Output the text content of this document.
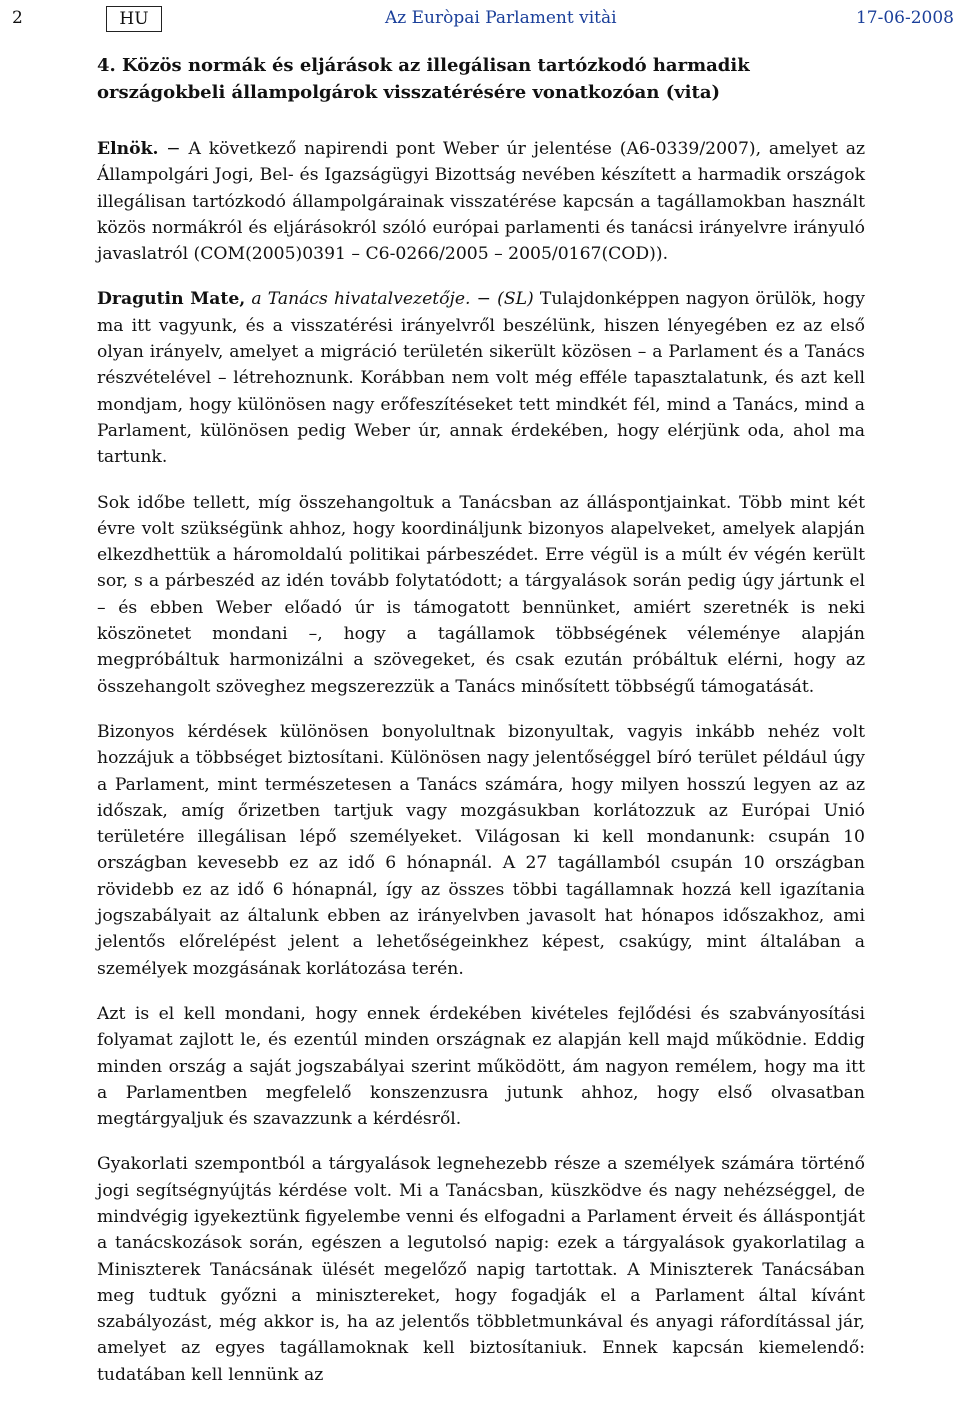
2	HU	Az Euròpai Parlament vitài	17-06-2008
4. Közös normák és eljárások az illegálisan tartózkodó harmadik országokbeli állampolgárok visszatérésére vonatkozóan (vita)

Elnök. − A következő napirendi pont Weber úr jelentése (A6-0339/2007), amelyet az Állampolgári Jogi, Bel- és Igazságügyi Bizottság nevében készített a harmadik országok illegálisan tartózkodó állampolgárainak visszatérése kapcsán a tagállamokban használt közös normákról és eljárásokról szóló európai parlamenti és tanácsi irányelvre irányuló javaslatról (COM(2005)0391 – C6-0266/2005 – 2005/0167(COD)).

Dragutin Mate, a Tanács hivatalvezetője. − (SL) Tulajdonképpen nagyon örülök, hogy ma itt vagyunk, és a visszatérési irányelvről beszélünk, hiszen lényegében ez az első olyan irányelv, amelyet a migráció területén sikerült közösen – a Parlament és a Tanács részvételével – létrehoznunk. Korábban nem volt még efféle tapasztalatunk, és azt kell mondjam, hogy különösen nagy erőfeszítéseket tett mindkét fél, mind a Tanács, mind a Parlament, különösen pedig Weber úr, annak érdekében, hogy elérjünk oda, ahol ma tartunk.

Sok időbe tellett, míg összehangoltuk a Tanácsban az álláspontjainkat. Több mint két évre volt szükségünk ahhoz, hogy koordináljunk bizonyos alapelveket, amelyek alapján elkezdhettük a háromoldalú politikai párbeszédet. Erre végül is a múlt év végén került sor, s a párbeszéd az idén tovább folytatódott; a tárgyalások során pedig úgy jártunk el – és ebben Weber előadó úr is támogatott bennünket, amiért szeretnék is neki köszönetet mondani –, hogy a tagállamok többségének véleménye alapján megpróbáltuk harmonizálni a szövegeket, és csak ezután próbáltuk elérni, hogy az összehangolt szöveghez megszerezzük a Tanács minősített többségű támogatását.

Bizonyos kérdések különösen bonyolultnak bizonyultak, vagyis inkább nehéz volt hozzájuk a többséget biztosítani. Különösen nagy jelentőséggel bíró terület például úgy a Parlament, mint természetesen a Tanács számára, hogy milyen hosszú legyen az az időszak, amíg őrizetben tartjuk vagy mozgásukban korlátozzuk az Európai Unió területére illegálisan lépő személyeket. Világosan ki kell mondanunk: csupán 10 országban kevesebb ez az idő 6 hónapnál. A 27 tagállamból csupán 10 országban rövidebb ez az idő 6 hónapnál, így az összes többi tagállamnak hozzá kell igazítania jogszabályait az általunk ebben az irányelvben javasolt hat hónapos időszakhoz, ami jelentős előrelépést jelent a lehetőségeinkhez képest, csakúgy, mint általában a személyek mozgásának korlátozása terén.

Azt is el kell mondani, hogy ennek érdekében kivételes fejlődési és szabványosítási folyamat zajlott le, és ezentúl minden országnak ez alapján kell majd működnie. Eddig minden ország a saját jogszabályai szerint működött, ám nagyon remélem, hogy ma itt a Parlamentben megfelelő konszenzusra jutunk ahhoz, hogy első olvasatban megtárgyaljuk és szavazzunk a kérdésről.

Gyakorlati szempontból a tárgyalások legnehezebb része a személyek számára történő jogi segítségnyújtás kérdése volt. Mi a Tanácsban, küszködve és nagy nehézséggel, de mindvégig igyekeztünk figyelembe venni és elfogadni a Parlament érveit és álláspontját a tanácskozások során, egészen a legutolsó napig: ezek a tárgyalások gyakorlatilag a Miniszterek Tanácsának ülését megelőző napig tartottak. A Miniszterek Tanácsában meg tudtuk győzni a minisztereket, hogy fogadják el a Parlament által kívánt szabályozást, még akkor is, ha az jelentős többletmunkával és anyagi ráfordítással jár, amelyet az egyes tagállamoknak kell biztosítaniuk. Ennek kapcsán kiemelendő: tudatában kell lennünk az
